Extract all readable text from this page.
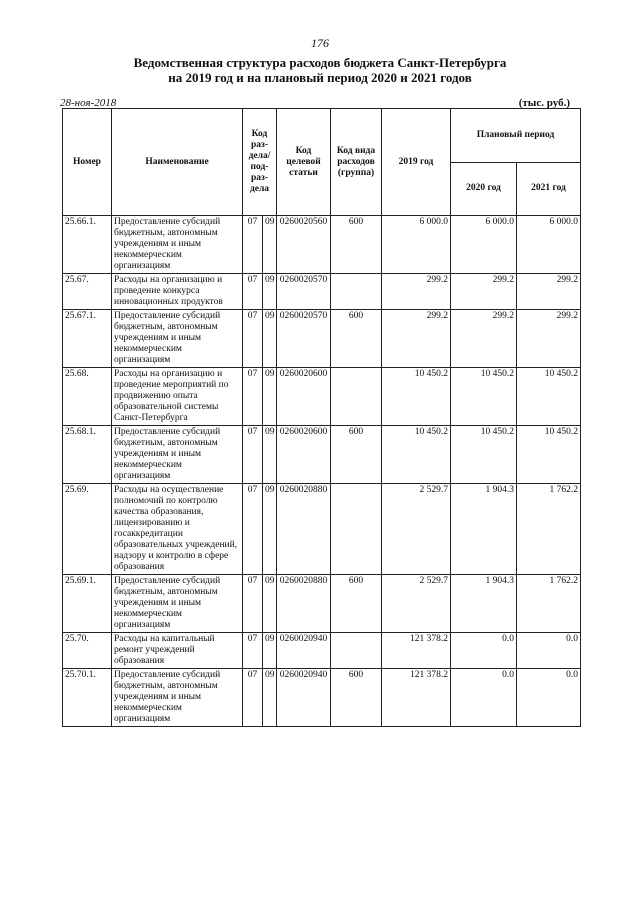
176
Ведомственная структура расходов бюджета Санкт-Петербурга
на 2019 год и на плановый период 2020 и 2021 годов
28-ноя-2018	(тыс. руб.)
Номер	Наименование	Код раз- дела/ под- раз- дела		Код целевой статьи	Код вида расходов (группа)	2019 год	Плановый период	
							2020 год	2021 год
25.66.1.	Предоставление субсидий бюджетным, автономным учреждениям и иным некоммерческим организациям	07	09	0260020560	600	6 000.0	6 000.0	6 000.0
25.67.	Расходы на организацию и проведение конкурса инновационных продуктов	07	09	0260020570		299.2	299.2	299.2
25.67.1.	Предоставление субсидий бюджетным, автономным учреждениям и иным некоммерческим организациям	07	09	0260020570	600	299.2	299.2	299.2
25.68.	Расходы на организацию и проведение мероприятий по продвижению опыта образовательной системы Санкт-Петербурга	07	09	0260020600		10 450.2	10 450.2	10 450.2
25.68.1.	Предоставление субсидий бюджетным, автономным учреждениям и иным некоммерческим организациям	07	09	0260020600	600	10 450.2	10 450.2	10 450.2
25.69.	Расходы на осуществление полномочий по контролю качества образования, лицензированию и госаккредитации образовательных учреждений, надзору и контролю в сфере образования	07	09	0260020880		2 529.7	1 904.3	1 762.2
25.69.1.	Предоставление субсидий бюджетным, автономным учреждениям и иным некоммерческим организациям	07	09	0260020880	600	2 529.7	1 904.3	1 762.2
25.70.	Расходы на капитальный ремонт учреждений образования	07	09	0260020940		121 378.2	0.0	0.0
25.70.1.	Предоставление субсидий бюджетным, автономным учреждениям и иным некоммерческим организациям	07	09	0260020940	600	121 378.2	0.0	0.0
